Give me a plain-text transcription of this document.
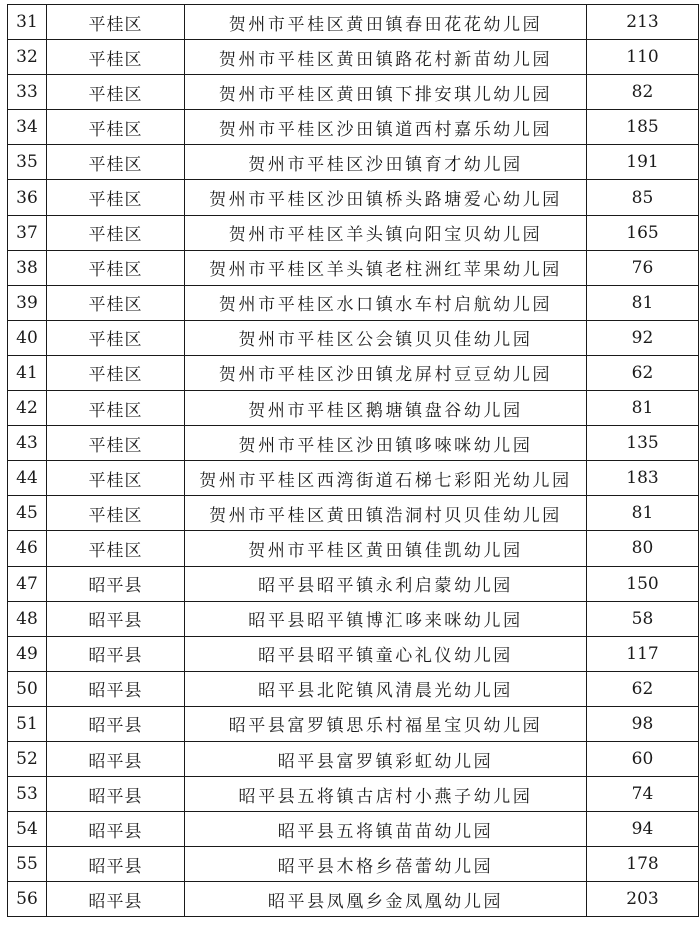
31	平桂区	贺州市平桂区黄田镇春田花花幼儿园	213
32	平桂区	贺州市平桂区黄田镇路花村新苗幼儿园	110
33	平桂区	贺州市平桂区黄田镇下排安琪儿幼儿园	82
34	平桂区	贺州市平桂区沙田镇道西村嘉乐幼儿园	185
35	平桂区	贺州市平桂区沙田镇育才幼儿园	191
36	平桂区	贺州市平桂区沙田镇桥头路塘爱心幼儿园	85
37	平桂区	贺州市平桂区羊头镇向阳宝贝幼儿园	165
38	平桂区	贺州市平桂区羊头镇老柱洲红苹果幼儿园	76
39	平桂区	贺州市平桂区水口镇水车村启航幼儿园	81
40	平桂区	贺州市平桂区公会镇贝贝佳幼儿园	92
41	平桂区	贺州市平桂区沙田镇龙屏村豆豆幼儿园	62
42	平桂区	贺州市平桂区鹅塘镇盘谷幼儿园	81
43	平桂区	贺州市平桂区沙田镇哆唻咪幼儿园	135
44	平桂区	贺州市平桂区西湾街道石梯七彩阳光幼儿园	183
45	平桂区	贺州市平桂区黄田镇浩洞村贝贝佳幼儿园	81
46	平桂区	贺州市平桂区黄田镇佳凯幼儿园	80
47	昭平县	昭平县昭平镇永利启蒙幼儿园	150
48	昭平县	昭平县昭平镇博汇哆来咪幼儿园	58
49	昭平县	昭平县昭平镇童心礼仪幼儿园	117
50	昭平县	昭平县北陀镇风清晨光幼儿园	62
51	昭平县	昭平县富罗镇思乐村福星宝贝幼儿园	98
52	昭平县	昭平县富罗镇彩虹幼儿园	60
53	昭平县	昭平县五将镇古店村小燕子幼儿园	74
54	昭平县	昭平县五将镇苗苗幼儿园	94
55	昭平县	昭平县木格乡蓓蕾幼儿园	178
56	昭平县	昭平县凤凰乡金凤凰幼儿园	203
